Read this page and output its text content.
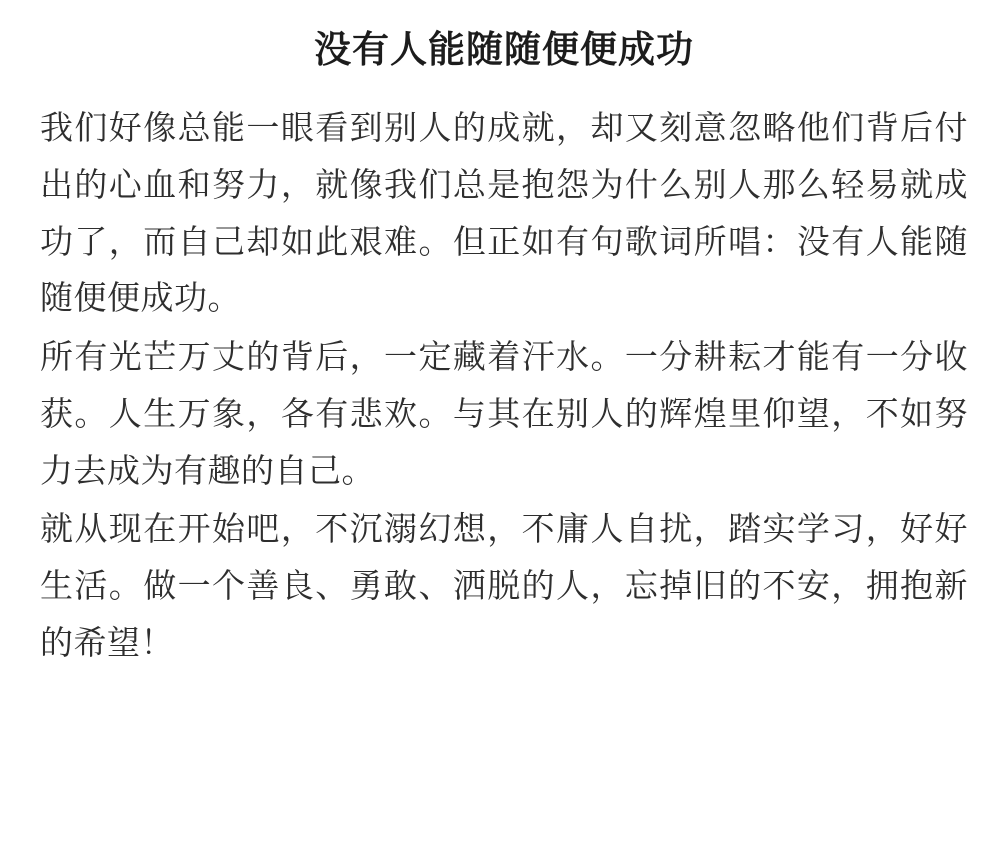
没有人能随随便便成功

我们好像总能一眼看到别人的成就，却又刻意忽略他们背后付出的心血和努力，就像我们总是抱怨为什么别人那么轻易就成功了，而自己却如此艰难。但正如有句歌词所唱：没有人能随随便便成功。

所有光芒万丈的背后，一定藏着汗水。一分耕耘才能有一分收获。人生万象，各有悲欢。与其在别人的辉煌里仰望，不如努力去成为有趣的自己。

就从现在开始吧，不沉溺幻想，不庸人自扰，踏实学习，好好生活。做一个善良、勇敢、洒脱的人，忘掉旧的不安，拥抱新的希望！
